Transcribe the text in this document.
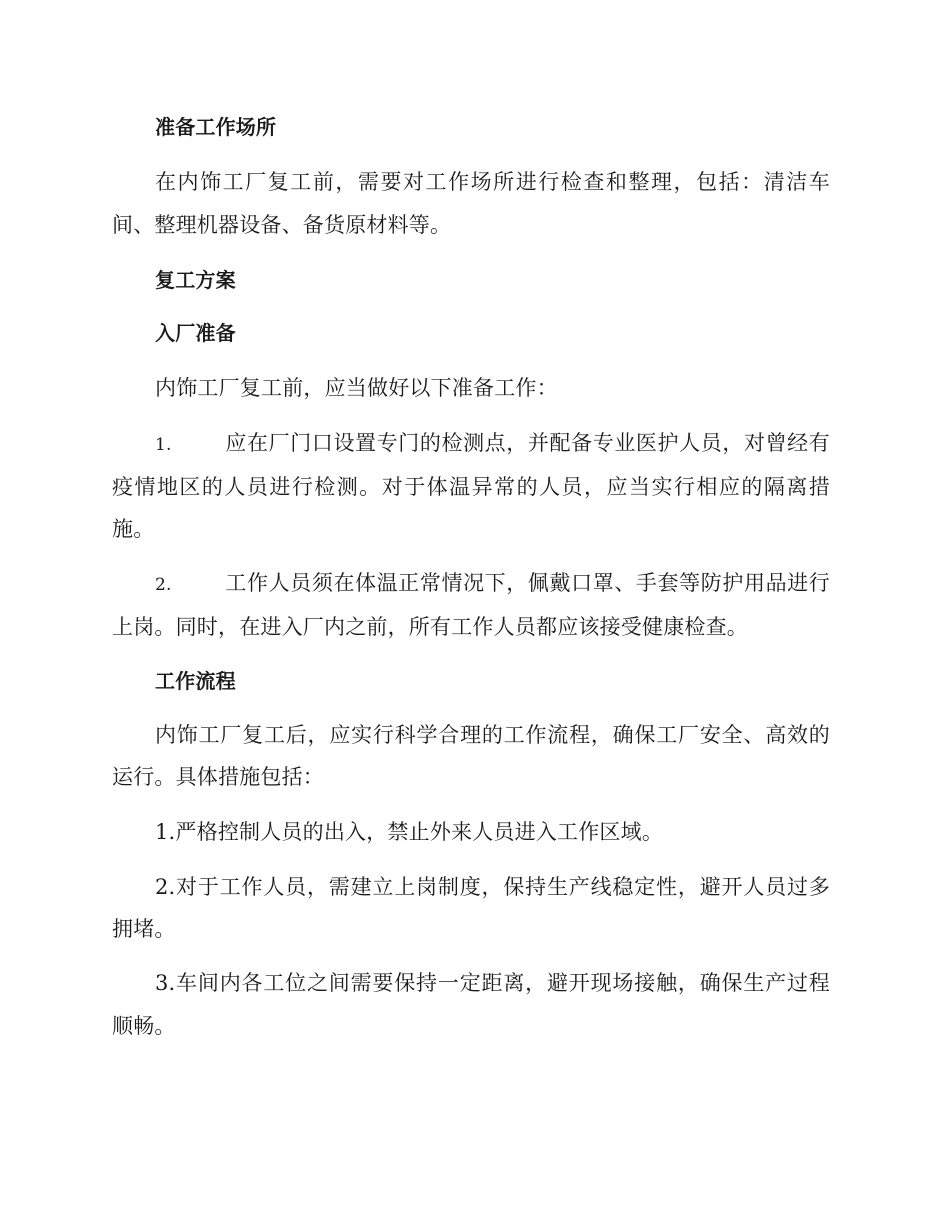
准备工作场所
在内饰工厂复工前，需要对工作场所进行检查和整理，包括：清洁车
间、整理机器设备、备货原材料等。
复工方案
入厂准备
内饰工厂复工前，应当做好以下准备工作：
1.	应在厂门口设置专门的检测点，并配备专业医护人员，对曾经有
疫情地区的人员进行检测。对于体温异常的人员，应当实行相应的隔离措
施。
2.	工作人员须在体温正常情况下，佩戴口罩、手套等防护用品进行
上岗。同时，在进入厂内之前，所有工作人员都应该接受健康检查。
工作流程
内饰工厂复工后，应实行科学合理的工作流程，确保工厂安全、高效的
运行。具体措施包括：
1.严格控制人员的出入，禁止外来人员进入工作区域。
2.对于工作人员，需建立上岗制度，保持生产线稳定性，避开人员过多
拥堵。
3.车间内各工位之间需要保持一定距离，避开现场接触，确保生产过程
顺畅。
